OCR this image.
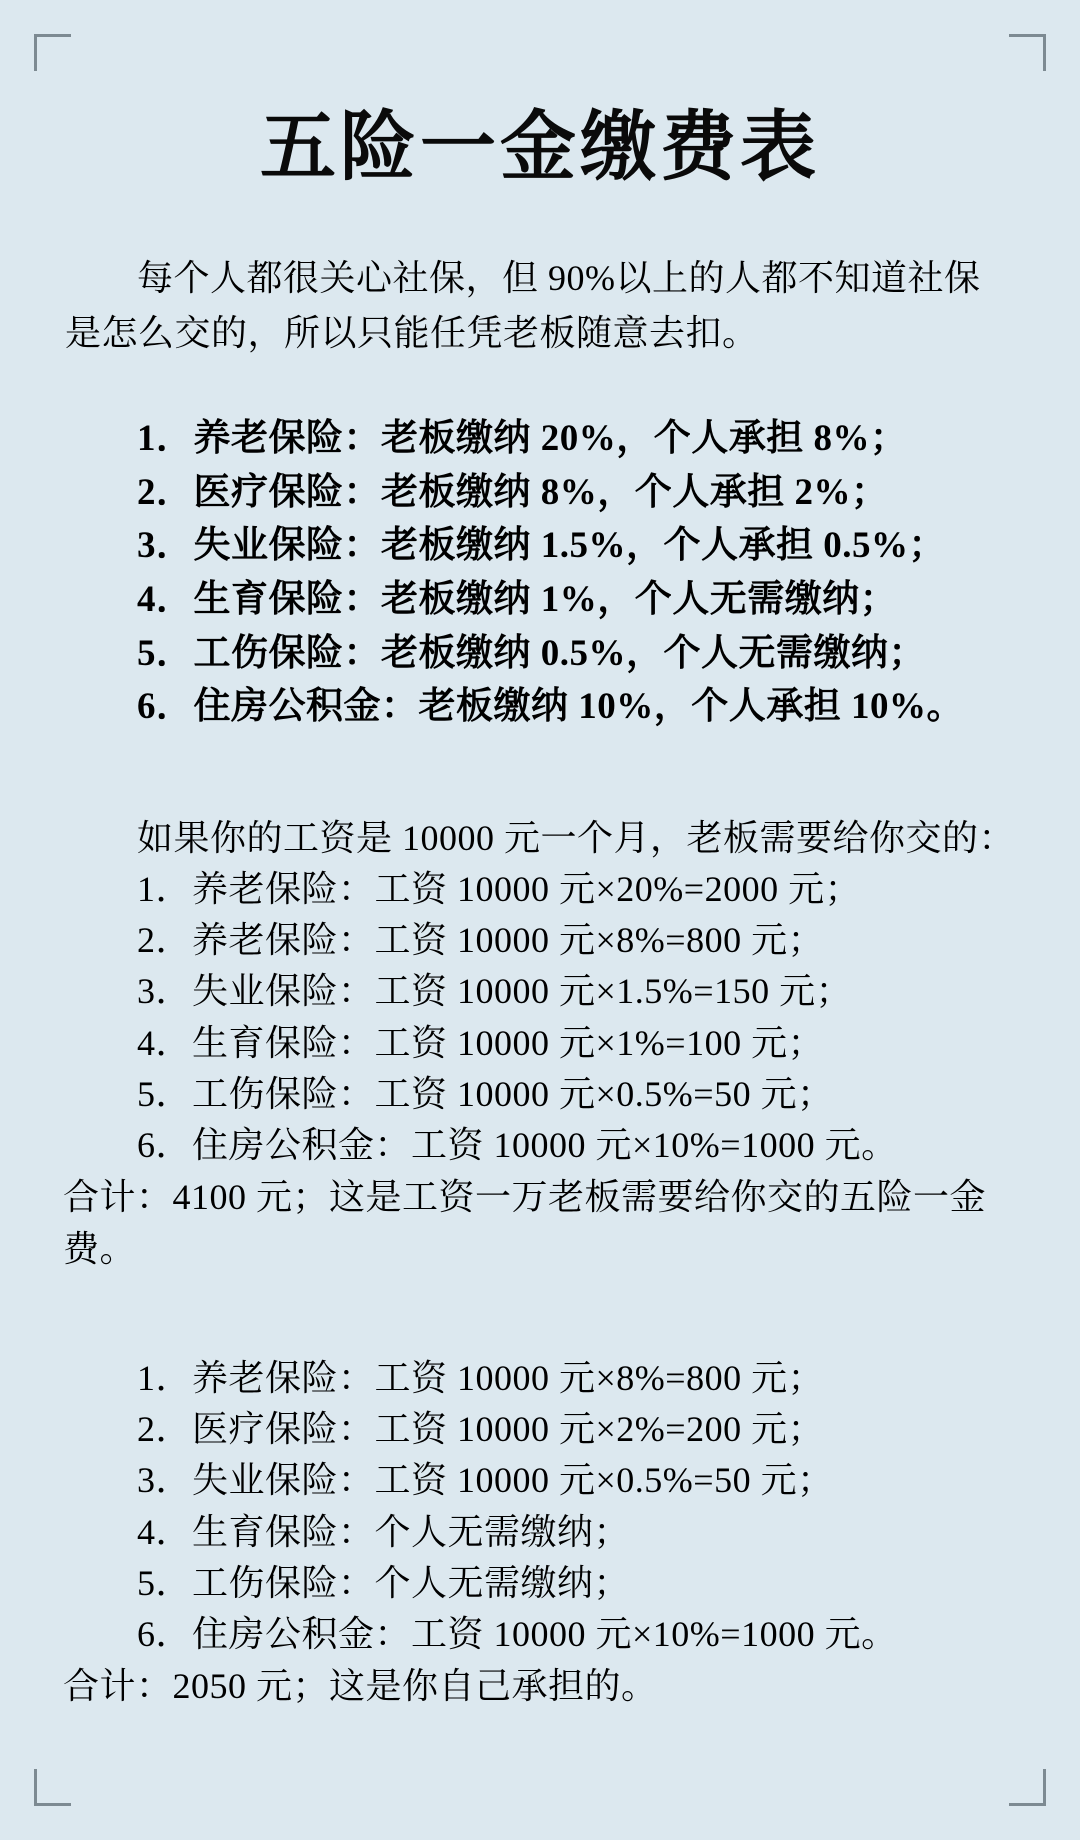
五险一金缴费表

每个人都很关心社保，但 90%以上的人都不知道社保是怎么交的，所以只能任凭老板随意去扣。

1．养老保险：老板缴纳 20%，个人承担 8%；
2．医疗保险：老板缴纳 8%，个人承担 2%；
3．失业保险：老板缴纳 1.5%，个人承担 0.5%；
4．生育保险：老板缴纳 1%，个人无需缴纳；
5．工伤保险：老板缴纳 0.5%，个人无需缴纳；
6．住房公积金：老板缴纳 10%，个人承担 10%。
如果你的工资是 10000 元一个月，老板需要给你交的：
1．养老保险：工资 10000 元×20%=2000 元；
2．养老保险：工资 10000 元×8%=800 元；
3．失业保险：工资 10000 元×1.5%=150 元；
4．生育保险：工资 10000 元×1%=100 元；
5．工伤保险：工资 10000 元×0.5%=50 元；
6．住房公积金：工资 10000 元×10%=1000 元。
合计：4100 元；这是工资一万老板需要给你交的五险一金费。
1．养老保险：工资 10000 元×8%=800 元；
2．医疗保险：工资 10000 元×2%=200 元；
3．失业保险：工资 10000 元×0.5%=50 元；
4．生育保险：个人无需缴纳；
5．工伤保险：个人无需缴纳；
6．住房公积金：工资 10000 元×10%=1000 元。
合计：2050 元；这是你自己承担的。
